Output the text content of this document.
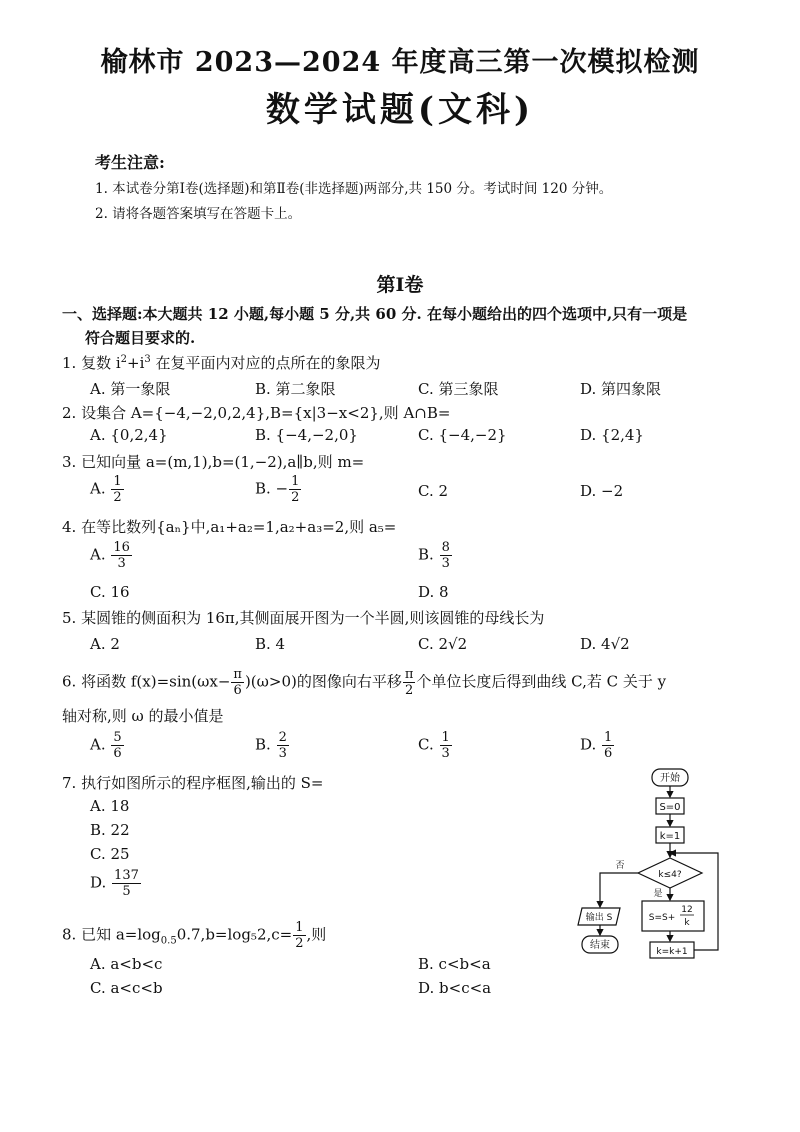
榆林市 2023—2024 年度高三第一次模拟检测
数学试题(文科)
考生注意:
1. 本试卷分第Ⅰ卷(选择题)和第Ⅱ卷(非选择题)两部分,共 150 分。考试时间 120 分钟。
2. 请将各题答案填写在答题卡上。
第Ⅰ卷
一、选择题:本大题共 12 小题,每小题 5 分,共 60 分. 在每小题给出的四个选项中,只有一项是
符合题目要求的.
1. 复数 $i^2+i^3$ 在复平面内对应的点所在的象限为
A. 第一象限	B. 第二象限	C. 第三象限	D. 第四象限
2. 设集合 A={−4,−2,0,2,4},B={x|3−x<2},则 A∩B=
A. {0,2,4}	B. {−4,−2,0}	C. {−4,−2}	D. {2,4}
3. 已知向量 a=(m,1),b=(1,−2),a∥b,则 m=
A. $\frac{1}{2}$	B. − $\frac{1}{2}$	C. 2	D. −2
4. 在等比数列{aₙ}中,a₁+a₂=1,a₂+a₃=2,则 a₅=
A. $\frac{16}{3}$	B. $\frac{8}{3}$
C. 16	D. 8
5. 某圆锥的侧面积为 16π,其侧面展开图为一个半圆,则该圆锥的母线长为
A. 2	B. 4	C. 2√2	D. 4√2
6. 将函数 $f(x)=\sin(\omega x- \frac{\pi}{6} )(\omega>0)$的图像向右平移 $\frac{\pi}{2}$ 个单位长度后得到曲线 C,若 C 关于 y
轴对称,则 ω 的最小值是
A. $\frac{5}{6}$	B. $\frac{2}{3}$	C. $\frac{1}{3}$	D. $\frac{1}{6}$
7. 执行如图所示的程序框图,输出的 S=
A. 18
B. 22
C. 25
D. $\frac{137}{5}$
8. 已知 $a=\log_{0.5}0.7,b=\log_52,c= \frac{1}{2}$ ,则
A. a<b<c	B. c<b<a
C. a<c<b	D. b<c<a
开始
S=0
k=1
k≤4?
否
是
S=S+
12
k
k=k+1
输出 S
结束
